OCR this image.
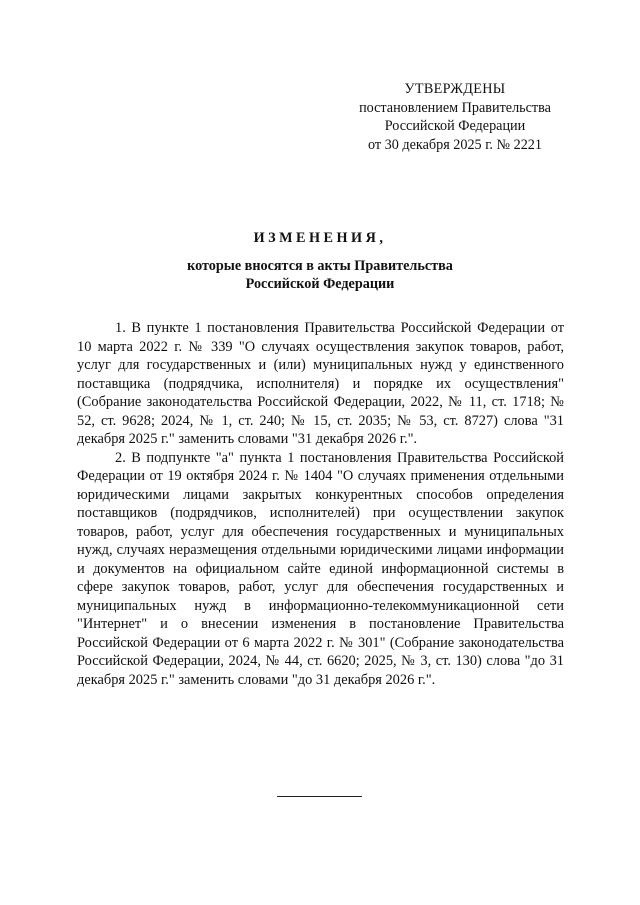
УТВЕРЖДЕНЫ
постановлением Правительства
Российской Федерации
от 30 декабря 2025 г. № 2221
ИЗМЕНЕНИЯ,
которые вносятся в акты Правительства
Российской Федерации

1. В пункте 1 постановления Правительства Российской Федерации от 10 марта 2022 г. № 339 "О случаях осуществления закупок товаров, работ, услуг для государственных и (или) муниципальных нужд у единственного поставщика (подрядчика, исполнителя) и порядке их осуществления" (Собрание законодательства Российской Федерации, 2022, № 11, ст. 1718; № 52, ст. 9628; 2024, № 1, ст. 240; № 15, ст. 2035; № 53, ст. 8727) слова "31 декабря 2025 г." заменить словами "31 декабря 2026 г.".

2. В подпункте "а" пункта 1 постановления Правительства Российской Федерации от 19 октября 2024 г. № 1404 "О случаях применения отдельными юридическими лицами закрытых конкурентных способов определения поставщиков (подрядчиков, исполнителей) при осуществлении закупок товаров, работ, услуг для обеспечения государственных и муниципальных нужд, случаях неразмещения отдельными юридическими лицами информации и документов на официальном сайте единой информационной системы в сфере закупок товаров, работ, услуг для обеспечения государственных и муниципальных нужд в информационно-телекоммуникационной сети "Интернет" и о внесении изменения в постановление Правительства Российской Федерации от 6 марта 2022 г. № 301" (Собрание законодательства Российской Федерации, 2024, № 44, ст. 6620; 2025, № 3, ст. 130) слова "до 31 декабря 2025 г." заменить словами "до 31 декабря 2026 г.".
